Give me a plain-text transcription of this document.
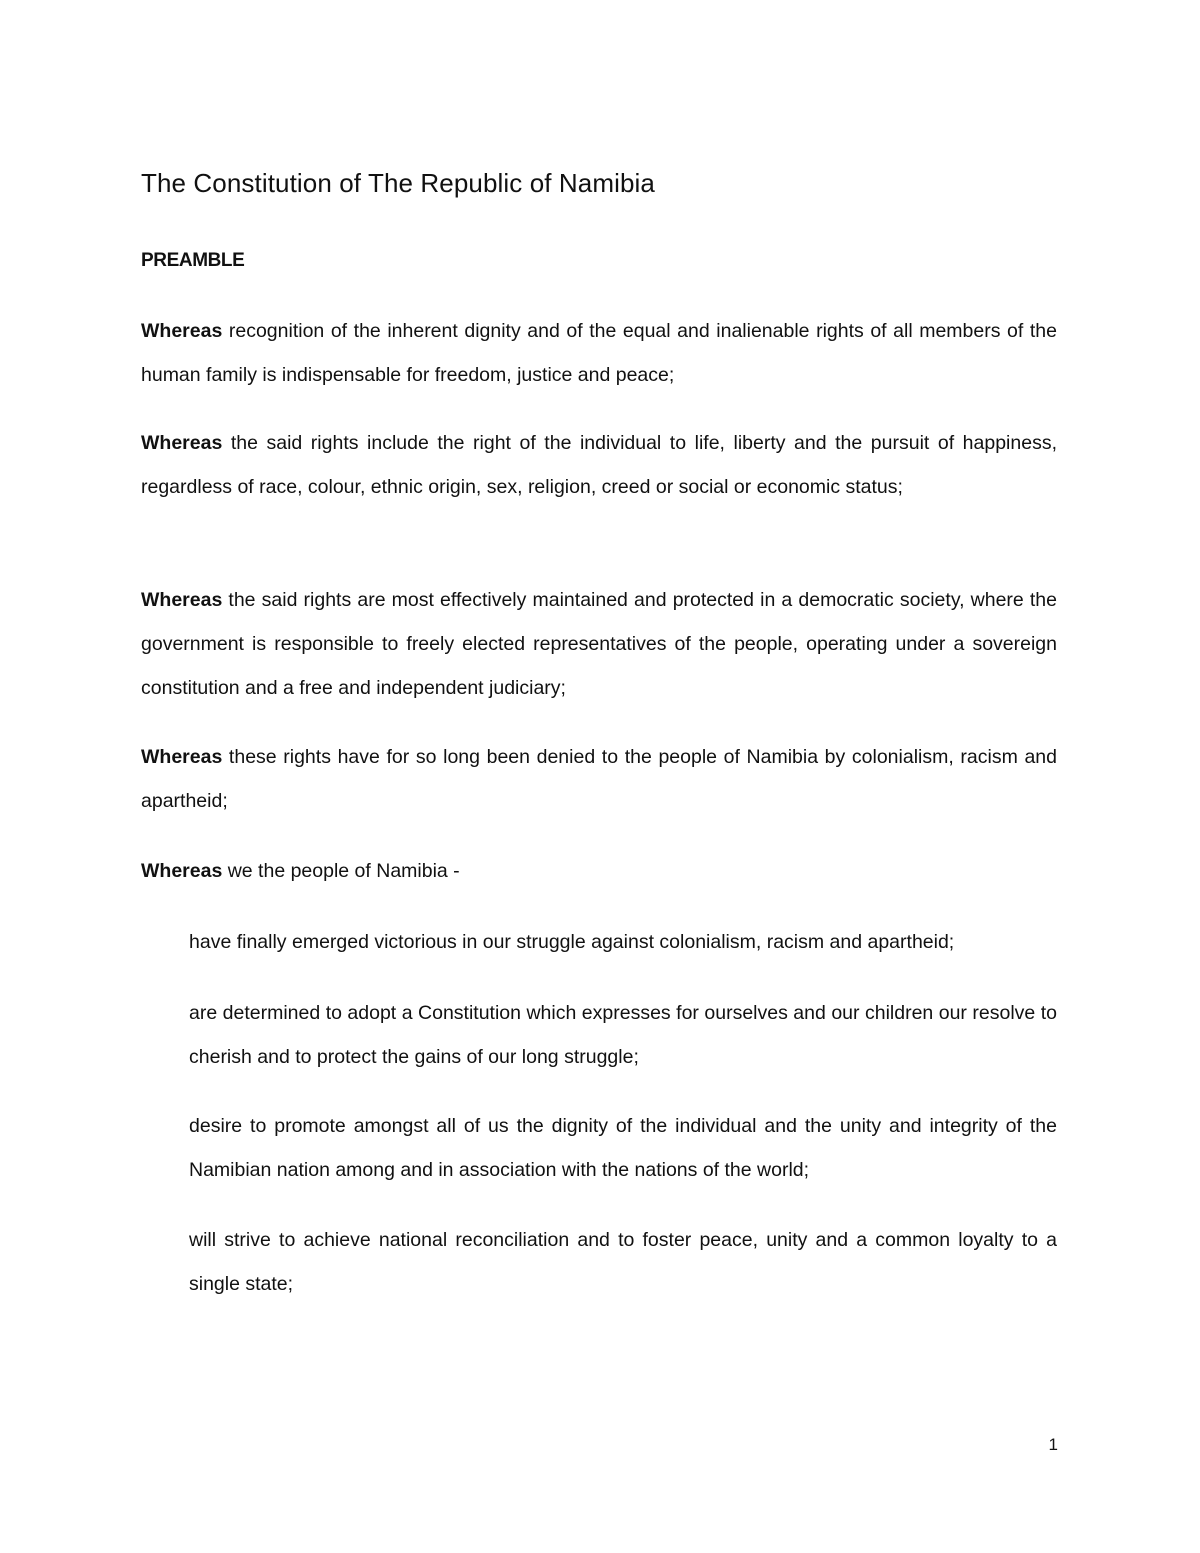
The Constitution of The Republic of Namibia
PREAMBLE

Whereas recognition of the inherent dignity and of the equal and inalienable rights of all members of the human family is indispensable for freedom, justice and peace;

Whereas the said rights include the right of the individual to life, liberty and the pursuit of happiness, regardless of race, colour, ethnic origin, sex, religion, creed or social or economic status;

Whereas the said rights are most effectively maintained and protected in a democratic society, where the government is responsible to freely elected representatives of the people, operating under a sovereign constitution and a free and independent judiciary;

Whereas these rights have for so long been denied to the people of Namibia by colonialism, racism and apartheid;

Whereas we the people of Namibia -

have finally emerged victorious in our struggle against colonialism, racism and apartheid;

are determined to adopt a Constitution which expresses for ourselves and our children our resolve to cherish and to protect the gains of our long struggle;

desire to promote amongst all of us the dignity of the individual and the unity and integrity of the Namibian nation among and in association with the nations of the world;

will strive to achieve national reconciliation and to foster peace, unity and a common loyalty to a single state;

1
